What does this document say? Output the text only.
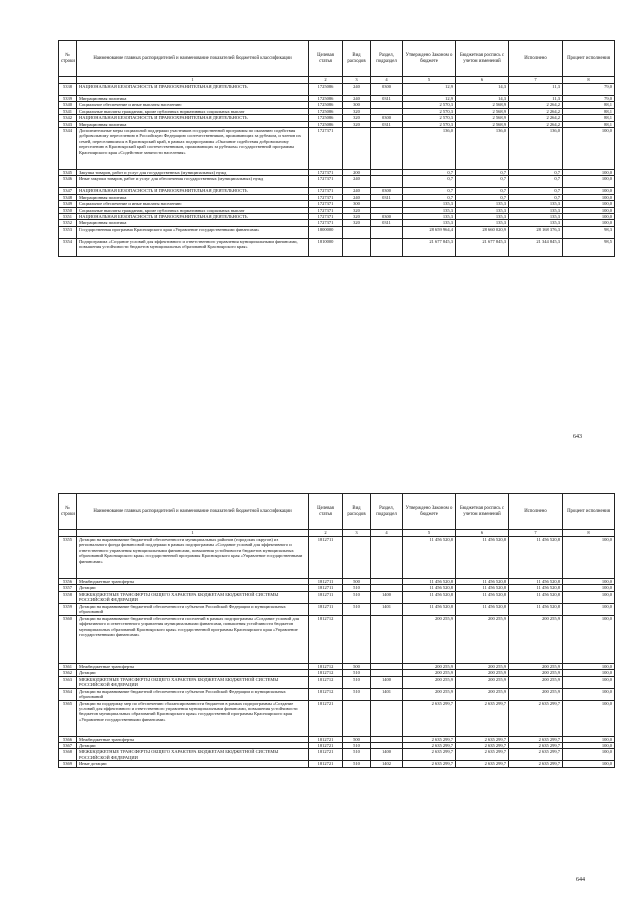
№ строки	Наименование главных распорядителей и наименование показателей бюджетной классификации	Целевая статья	Вид расходов	Раздел, подраздел	Утверждено Законом о бюджете	Бюджетная роспись с учетом изменений	Исполнено	Процент исполнения
	1	2	3	4	5	6	7	8
5338	НАЦИОНАЛЬНАЯ БЕЗОПАСНОСТЬ И ПРАВООХРАНИТЕЛЬНАЯ ДЕЯТЕЛЬНОСТЬ	1725086	240	0300	12,9	14,3	11,3	79,0
5339	Миграционная политика	1725086	240	0311	12,9	14,3	11,3	79,0
5340	Социальное обеспечение и иные выплаты населению	1725086	300		2 570,3	2 568,9	2 264,2	88,1
5341	Социальные выплаты гражданам, кроме публичных нормативных социальных выплат	1725086	320		2 570,3	2 568,9	2 264,2	88,1
5342	НАЦИОНАЛЬНАЯ БЕЗОПАСНОСТЬ И ПРАВООХРАНИТЕЛЬНАЯ ДЕЯТЕЛЬНОСТЬ	1725086	320	0300	2 570,3	2 568,9	2 264,2	88,1
5343	Миграционная политика	1725086	320	0311	2 570,3	2 568,9	2 264,2	88,1
5344	Дополнительные меры социальной поддержки участников государственной программы по оказанию содействия добровольному переселению в Российскую Федерацию соотечественников, проживающих за рубежом, и членов их семей, переселившихся в Красноярский край, в рамках подпрограммы «Оказание содействия добровольному переселению в Красноярский край соотечественников, проживающих за рубежом» государственной программы Красноярского края «Содействие занятости населения»	1727371			136,0	136,0	136,0	100,0
5345	Закупка товаров, работ и услуг для государственных (муниципальных) нужд	1727371	200		0,7	0,7	0,7	100,0
5346	Иные закупки товаров, работ и услуг для обеспечения государственных (муниципальных) нужд	1727371	240		0,7	0,7	0,7	100,0
5347	НАЦИОНАЛЬНАЯ БЕЗОПАСНОСТЬ И ПРАВООХРАНИТЕЛЬНАЯ ДЕЯТЕЛЬНОСТЬ	1727371	240	0300	0,7	0,7	0,7	100,0
5348	Миграционная политика	1727371	240	0311	0,7	0,7	0,7	100,0
5349	Социальное обеспечение и иные выплаты населению	1727371	300		135,3	135,3	135,3	100,0
5350	Социальные выплаты гражданам, кроме публичных нормативных социальных выплат	1727371	320		135,3	135,3	135,3	100,0
5351	НАЦИОНАЛЬНАЯ БЕЗОПАСНОСТЬ И ПРАВООХРАНИТЕЛЬНАЯ ДЕЯТЕЛЬНОСТЬ	1727371	320	0300	135,3	135,3	135,3	100,0
5352	Миграционная политика	1727371	320	0311	135,3	135,3	135,3	100,0
5353	Государственная программа Красноярского края «Управление государственными финансами»	1800000			28 659 964,4	28 660 020,9	28 168 376,3	98,3
5354	Подпрограмма «Создание условий для эффективного и ответственного управления муниципальными финансами, повышения устойчивости бюджетов муниципальных образований Красноярского края»	1810000			21 677 845,3	21 677 845,3	21 344 845,3	98,5
643
№ строки	Наименование главных распорядителей и наименование показателей бюджетной классификации	Целевая статья	Вид расходов	Раздел, подраздел	Утверждено Законом о бюджете	Бюджетная роспись с учетом изменений	Исполнено	Процент исполнения
	1	2	3	4	5	6	7	8
5355	Дотации на выравнивание бюджетной обеспеченности муниципальных районов (городских округов) из регионального фонда финансовой поддержки в рамках подпрограммы «Создание условий для эффективного и ответственного управления муниципальными финансами, повышения устойчивости бюджетов муниципальных образований Красноярского края» государственной программы Красноярского края «Управление государственными финансами»	1812711			11 456 520,8	11 456 520,8	11 456 520,8	100,0
5356	Межбюджетные трансферты	1812711	500		11 456 520,8	11 456 520,8	11 456 520,8	100,0
5357	Дотации	1812711	510		11 456 520,8	11 456 520,8	11 456 520,8	100,0
5358	МЕЖБЮДЖЕТНЫЕ ТРАНСФЕРТЫ ОБЩЕГО ХАРАКТЕРА БЮДЖЕТАМ БЮДЖЕТНОЙ СИСТЕМЫ РОССИЙСКОЙ ФЕДЕРАЦИИ	1812711	510	1400	11 456 520,8	11 456 520,8	11 456 520,8	100,0
5359	Дотации на выравнивание бюджетной обеспеченности субъектов Российской Федерации и муниципальных образований	1812711	510	1401	11 456 520,8	11 456 520,8	11 456 520,8	100,0
5360	Дотации на выравнивание бюджетной обеспеченности поселений в рамках подпрограммы «Создание условий для эффективного и ответственного управления муниципальными финансами, повышения устойчивости бюджетов муниципальных образований Красноярского края» государственной программы Красноярского края «Управление государственными финансами»	1812712			200 255,9	200 255,9	200 255,9	100,0
5361	Межбюджетные трансферты	1812712	500		200 255,9	200 255,9	200 255,9	100,0
5362	Дотации	1812712	510		200 255,9	200 255,9	200 255,9	100,0
5363	МЕЖБЮДЖЕТНЫЕ ТРАНСФЕРТЫ ОБЩЕГО ХАРАКТЕРА БЮДЖЕТАМ БЮДЖЕТНОЙ СИСТЕМЫ РОССИЙСКОЙ ФЕДЕРАЦИИ	1812712	510	1400	200 255,9	200 255,9	200 255,9	100,0
5364	Дотации на выравнивание бюджетной обеспеченности субъектов Российской Федерации и муниципальных образований	1812712	510	1401	200 255,9	200 255,9	200 255,9	100,0
5365	Дотации на поддержку мер по обеспечению сбалансированности бюджетов в рамках подпрограммы «Создание условий для эффективного и ответственного управления муниципальными финансами, повышения устойчивости бюджетов муниципальных образований Красноярского края» государственной программы Красноярского края «Управление государственными финансами»	1812721			2 635 299,7	2 635 299,7	2 635 299,7	100,0
5366	Межбюджетные трансферты	1812721	500		2 635 299,7	2 635 299,7	2 635 299,7	100,0
5367	Дотации	1812721	510		2 635 299,7	2 635 299,7	2 635 299,7	100,0
5368	МЕЖБЮДЖЕТНЫЕ ТРАНСФЕРТЫ ОБЩЕГО ХАРАКТЕРА БЮДЖЕТАМ БЮДЖЕТНОЙ СИСТЕМЫ РОССИЙСКОЙ ФЕДЕРАЦИИ	1812721	510	1400	2 635 299,7	2 635 299,7	2 635 299,7	100,0
5369	Иные дотации	1812721	510	1402	2 635 299,7	2 635 299,7	2 635 299,7	100,0
644
